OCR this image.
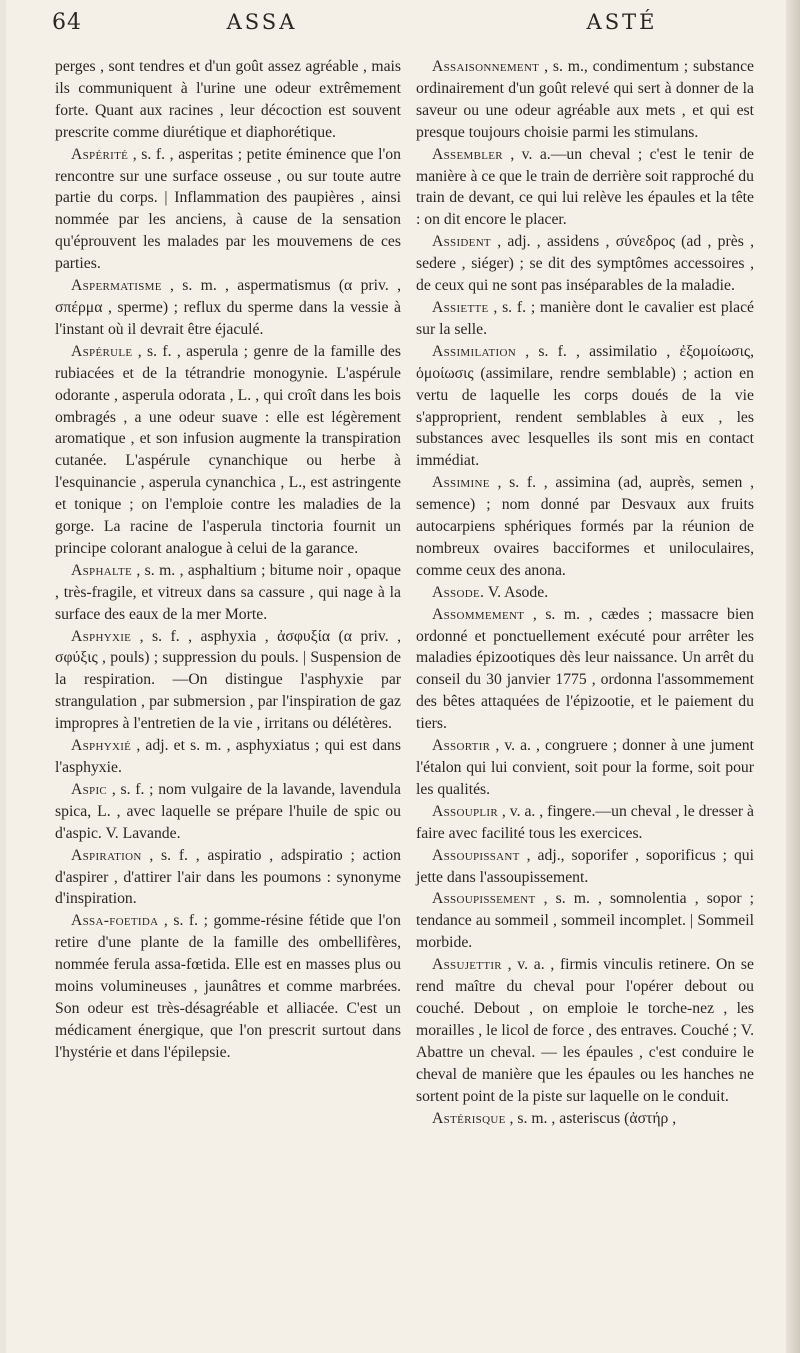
64	ASSA	ASTÉ

perges , sont tendres et d'un goût assez agréable , mais ils communiquent à l'urine une odeur extrêmement forte. Quant aux racines , leur décoction est souvent prescrite comme diurétique et diaphorétique.

Aspérité , s. f. , asperitas ; petite éminence que l'on rencontre sur une surface osseuse , ou sur toute autre partie du corps. | Inflammation des paupières , ainsi nommée par les anciens, à cause de la sensation qu'éprouvent les malades par les mouvemens de ces parties.

Aspermatisme , s. m. , aspermatismus (α priv. , σπέρμα , sperme) ; reflux du sperme dans la vessie à l'instant où il devrait être éjaculé.

Aspérule , s. f. , asperula ; genre de la famille des rubiacées et de la tétrandrie monogynie. L'aspérule odorante , asperula odorata , L. , qui croît dans les bois ombragés , a une odeur suave : elle est légèrement aromatique , et son infusion augmente la transpiration cutanée. L'aspérule cynanchique ou herbe à l'esquinancie , asperula cynanchica , L., est astringente et tonique ; on l'emploie contre les maladies de la gorge. La racine de l'asperula tinctoria fournit un principe colorant analogue à celui de la garance.

Asphalte , s. m. , asphaltium ; bitume noir , opaque , très-fragile, et vitreux dans sa cassure , qui nage à la surface des eaux de la mer Morte.

Asphyxie , s. f. , asphyxia , ἀσφυξία (α priv. , σφύξις , pouls) ; suppression du pouls. | Suspension de la respiration. —On distingue l'asphyxie par strangulation , par submersion , par l'inspiration de gaz impropres à l'entretien de la vie , irritans ou délétères.

Asphyxié , adj. et s. m. , asphyxiatus ; qui est dans l'asphyxie.

Aspic , s. f. ; nom vulgaire de la lavande, lavendula spica, L. , avec laquelle se prépare l'huile de spic ou d'aspic. V. Lavande.

Aspiration , s. f. , aspiratio , adspiratio ; action d'aspirer , d'attirer l'air dans les poumons : synonyme d'inspiration.

Assa-foetida , s. f. ; gomme-résine fétide que l'on retire d'une plante de la famille des ombellifères, nommée ferula assa-fœtida. Elle est en masses plus ou moins volumineuses , jaunâtres et comme marbrées. Son odeur est très-désagréable et alliacée. C'est un médicament énergique, que l'on prescrit surtout dans l'hystérie et dans l'épilepsie.

Assaisonnement , s. m., condimentum ; substance ordinairement d'un goût relevé qui sert à donner de la saveur ou une odeur agréable aux mets , et qui est presque toujours choisie parmi les stimulans.

Assembler , v. a.—un cheval ; c'est le tenir de manière à ce que le train de derrière soit rapproché du train de devant, ce qui lui relève les épaules et la tête : on dit encore le placer.

Assident , adj. , assidens , σύνεδρος (ad , près , sedere , siéger) ; se dit des symptômes accessoires , de ceux qui ne sont pas inséparables de la maladie.

Assiette , s. f. ; manière dont le cavalier est placé sur la selle.

Assimilation , s. f. , assimilatio , ἐξομοίωσις, ὁμοίωσις (assimilare, rendre semblable) ; action en vertu de laquelle les corps doués de la vie s'approprient, rendent semblables à eux , les substances avec lesquelles ils sont mis en contact immédiat.

Assimine , s. f. , assimina (ad, auprès, semen , semence) ; nom donné par Desvaux aux fruits autocarpiens sphériques formés par la réunion de nombreux ovaires bacciformes et uniloculaires, comme ceux des anona.

Assode. V. Asode.

Assommement , s. m. , cædes ; massacre bien ordonné et ponctuellement exécuté pour arrêter les maladies épizootiques dès leur naissance. Un arrêt du conseil du 30 janvier 1775 , ordonna l'assommement des bêtes attaquées de l'épizootie, et le paiement du tiers.

Assortir , v. a. , congruere ; donner à une jument l'étalon qui lui convient, soit pour la forme, soit pour les qualités.

Assouplir , v. a. , fingere.—un cheval , le dresser à faire avec facilité tous les exercices.

Assoupissant , adj., soporifer , soporificus ; qui jette dans l'assoupissement.

Assoupissement , s. m. , somnolentia , sopor ; tendance au sommeil , sommeil incomplet. | Sommeil morbide.

Assujettir , v. a. , firmis vinculis retinere. On se rend maître du cheval pour l'opérer debout ou couché. Debout , on emploie le torche-nez , les morailles , le licol de force , des entraves. Couché ; V. Abattre un cheval. — les épaules , c'est conduire le cheval de manière que les épaules ou les hanches ne sortent point de la piste sur laquelle on le conduit.

Astérisque , s. m. , asteriscus (ἀστήρ ,
